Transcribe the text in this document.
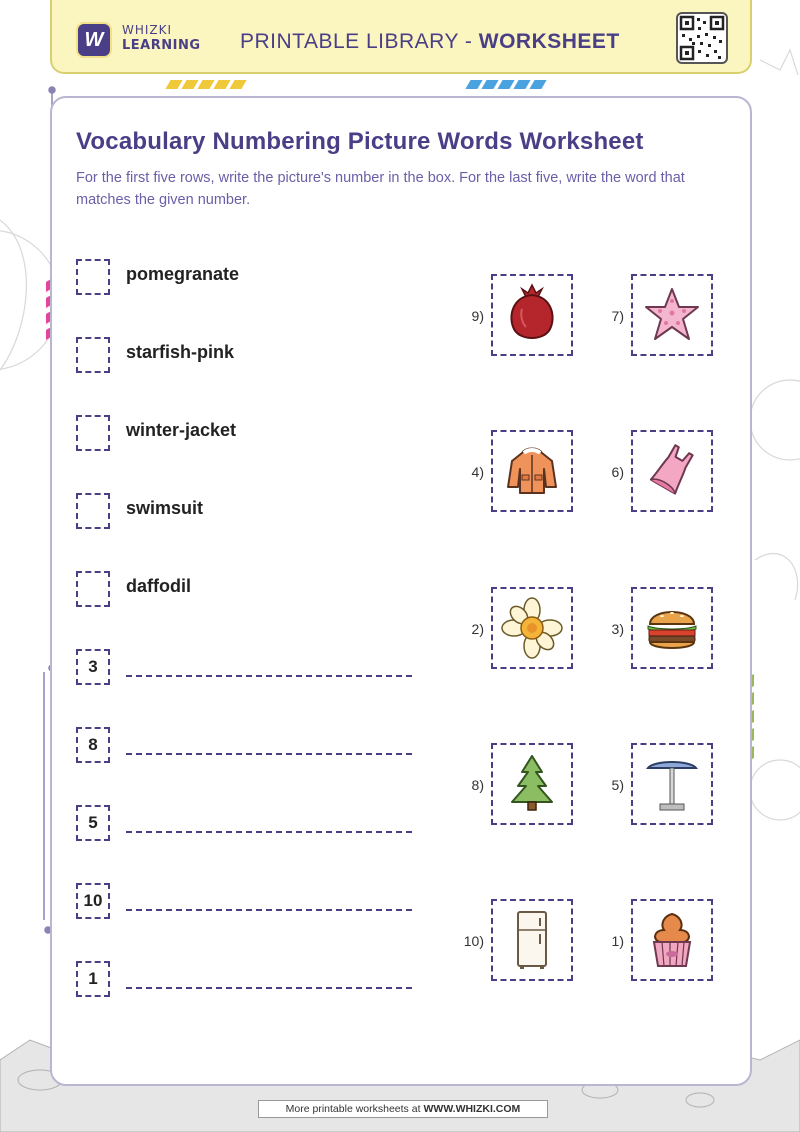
W WHIZKI
LEARNING PRINTABLE LIBRARY - WORKSHEET
Vocabulary Numbering Picture Words Worksheet
For the first five rows, write the picture's number in the box. For the last five, write the word that matches the given number.
pomegranate
starfish-pink
winter-jacket
swimsuit
daffodil
3
8
5
10
1
9)	7)
4)	6)
2)	3)
8)	5)
10)	1)
More printable worksheets at WWW.WHIZKI.COM
